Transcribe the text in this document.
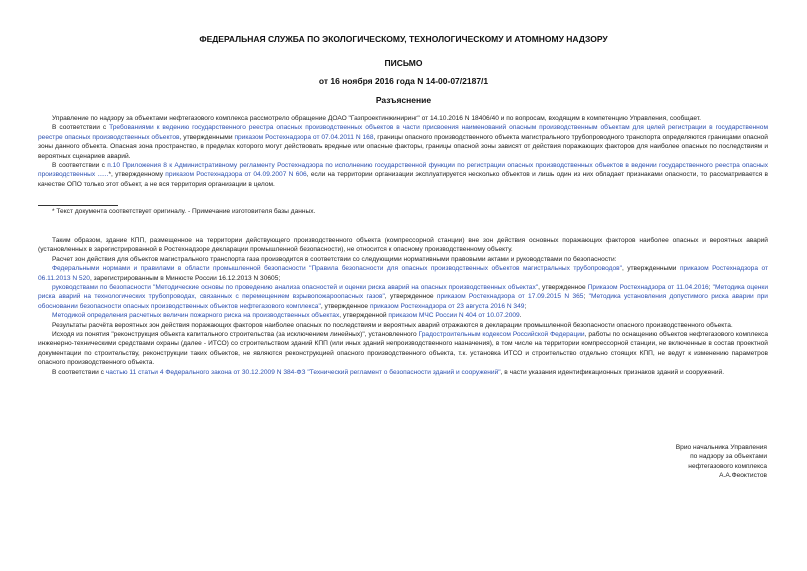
ФЕДЕРАЛЬНАЯ СЛУЖБА ПО ЭКОЛОГИЧЕСКОМУ, ТЕХНОЛОГИЧЕСКОМУ И АТОМНОМУ НАДЗОРУ
ПИСЬМО
от 16 ноября 2016 года N 14-00-07/2187/1
Разъяснение

Управление по надзору за объектами нефтегазового комплекса рассмотрело обращение ДОАО "Газпроектинжиниринг" от 14.10.2016 N 18406/40 и по вопросам, входящим в компетенцию Управления, сообщает.

В соответствии с Требованиями к ведению государственного реестра опасных производственных объектов в части присвоения наименований опасным производственным объектам для целей регистрации в государственном реестре опасных производственных объектов, утвержденными приказом Ростехнадзора от 07.04.2011 N 168, границы опасного производственного объекта магистрального трубопроводного транспорта определяются границами опасной зоны данного объекта. Опасная зона пространство, в пределах которого могут действовать вредные или опасные факторы, границы опасной зоны зависят от действия поражающих факторов для наиболее опасных по последствиям и вероятных сценариев аварий.

В соответствии с п.10 Приложения 8 к Административному регламенту Ростехнадзора по исполнению государственной функции по регистрации опасных производственных объектов в ведении государственного реестра опасных производственных ......*, утвержденному приказом Ростехнадзора от 04.09.2007 N 606, если на территории организации эксплуатируется несколько объектов и лишь один из них обладает признаками опасности, то рассматривается в качестве ОПО только этот объект, а не вся территория организации в целом.

* Текст документа соответствует оригиналу. - Примечание изготовителя базы данных.

Таким образом, здание КПП, размещенное на территории действующего производственного объекта (компрессорной станции) вне зон действия основных поражающих факторов наиболее опасных и вероятных аварий (установленных в зарегистрированной в Ростехнадзоре декларации промышленной безопасности), не относится к опасному производственному объекту.

Расчет зон действия для объектов магистрального транспорта газа производится в соответствии со следующими нормативными правовыми актами и руководствами по безопасности:

Федеральными нормами и правилами в области промышленной безопасности "Правила безопасности для опасных производственных объектов магистральных трубопроводов", утвержденными приказом Ростехнадзора от 06.11.2013 N 520, зарегистрированным в Минюсте России 16.12.2013 N 30605;

руководствами по безопасности "Методические основы по проведению анализа опасностей и оценки риска аварий на опасных производственных объектах", утвержденное Приказом Ростехнадзора от 11.04.2016; "Методика оценки риска аварий на технологических трубопроводах, связанных с перемещением взрывопожароопасных газов", утвержденное приказом Ростехнадзора от 17.09.2015 N 365; "Методика установления допустимого риска аварии при обосновании безопасности опасных производственных объектов нефтегазового комплекса", утвержденное приказом Ростехнадзора от 23 августа 2016 N 349;

Методикой определения расчетных величин пожарного риска на производственных объектах, утвержденной приказом МЧС России N 404 от 10.07.2009.

Результаты расчёта вероятных зон действия поражающих факторов наиболее опасных по последствиям и вероятных аварий отражаются в декларации промышленной безопасности опасного производственного объекта.

Исходя из понятия "реконструкция объекта капитального строительства (за исключением линейных)", установленного Градостроительным кодексом Российской Федерации, работы по оснащению объектов нефтегазового комплекса инженерно-техническими средствами охраны (далее - ИТСО) со строительством зданий КПП (или иных зданий непроизводственного назначения), в том числе на территории компрессорной станции, не включенные в состав проектной документации по строительству, реконструкции таких объектов, не являются реконструкцией опасного производственного объекта, т.к. установка ИТСО и строительство отдельно стоящих КПП, не ведут к изменению параметров опасного производственного объекта.

В соответствии с частью 11 статьи 4 Федерального закона от 30.12.2009 N 384-ФЗ "Технический регламент о безопасности зданий и сооружений", в части указания идентификационных признаков зданий и сооружений.

Врио начальника Управления
по надзору за объектами
нефтегазового комплекса
А.А.Феоктистов
